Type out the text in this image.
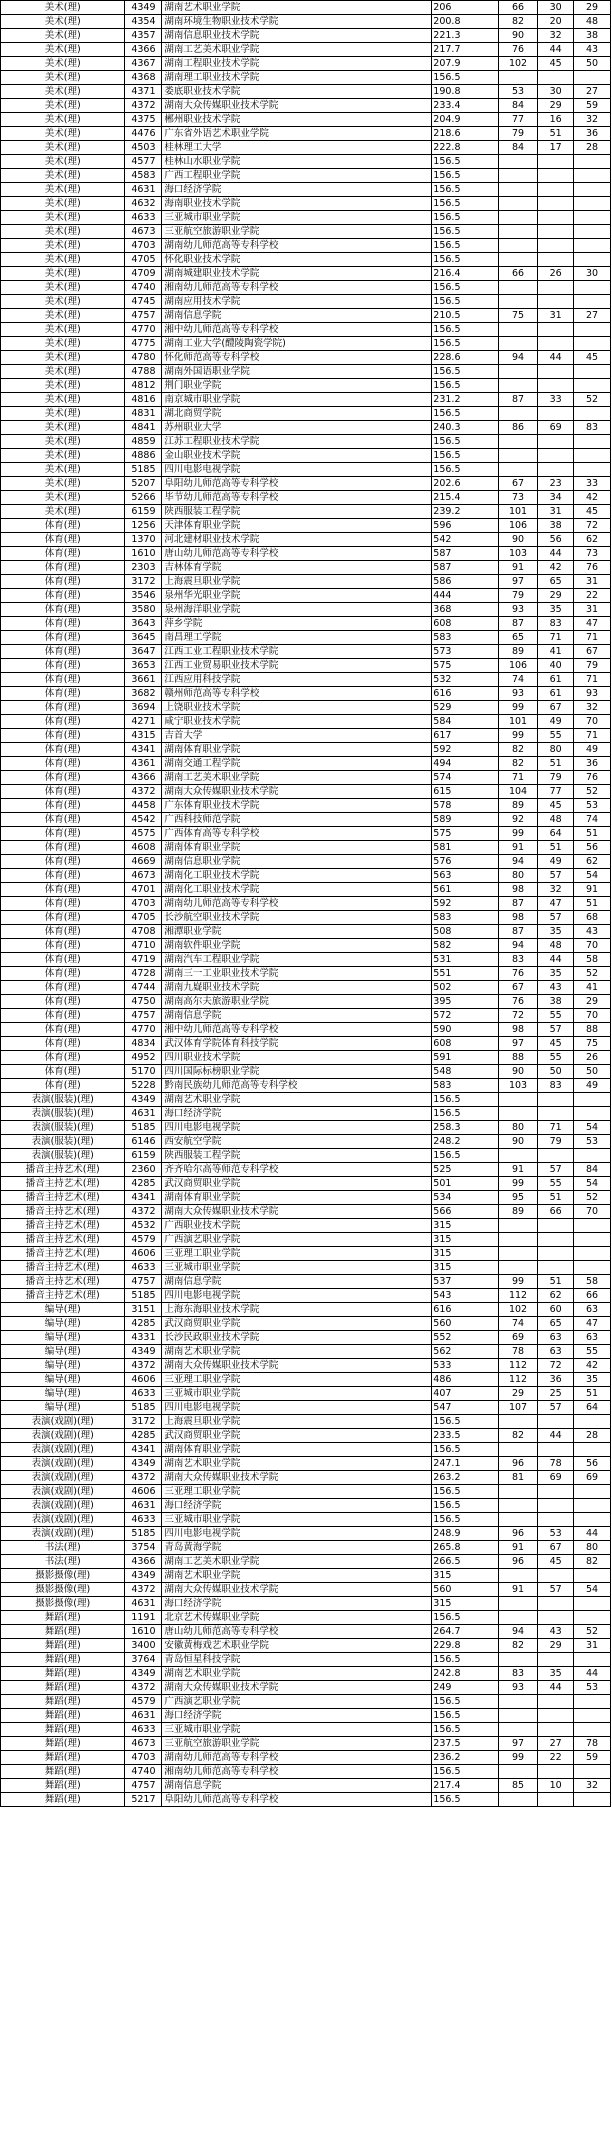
美术(理)	4349	湖南艺术职业学院	206	66	30	29
美术(理)	4354	湖南环境生物职业技术学院	200.8	82	20	48
美术(理)	4357	湖南信息职业技术学院	221.3	90	32	38
美术(理)	4366	湖南工艺美术职业学院	217.7	76	44	43
美术(理)	4367	湖南工程职业技术学院	207.9	102	45	50
美术(理)	4368	湖南理工职业技术学院	156.5			
美术(理)	4371	娄底职业技术学院	190.8	53	30	27
美术(理)	4372	湖南大众传媒职业技术学院	233.4	84	29	59
美术(理)	4375	郴州职业技术学院	204.9	77	16	32
美术(理)	4476	广东省外语艺术职业学院	218.6	79	51	36
美术(理)	4503	桂林理工大学	222.8	84	17	28
美术(理)	4577	桂林山水职业学院	156.5			
美术(理)	4583	广西工程职业学院	156.5			
美术(理)	4631	海口经济学院	156.5			
美术(理)	4632	海南职业技术学院	156.5			
美术(理)	4633	三亚城市职业学院	156.5			
美术(理)	4673	三亚航空旅游职业学院	156.5			
美术(理)	4703	湖南幼儿师范高等专科学校	156.5			
美术(理)	4705	怀化职业技术学院	156.5			
美术(理)	4709	湖南城建职业技术学院	216.4	66	26	30
美术(理)	4740	湘南幼儿师范高等专科学校	156.5			
美术(理)	4745	湖南应用技术学院	156.5			
美术(理)	4757	湖南信息学院	210.5	75	31	27
美术(理)	4770	湘中幼儿师范高等专科学校	156.5			
美术(理)	4775	湖南工业大学(醴陵陶瓷学院)	156.5			
美术(理)	4780	怀化师范高等专科学校	228.6	94	44	45
美术(理)	4788	湖南外国语职业学院	156.5			
美术(理)	4812	荆门职业学院	156.5			
美术(理)	4816	南京城市职业学院	231.2	87	33	52
美术(理)	4831	湖北商贸学院	156.5			
美术(理)	4841	苏州职业大学	240.3	86	69	83
美术(理)	4859	江苏工程职业技术学院	156.5			
美术(理)	4886	金山职业技术学院	156.5			
美术(理)	5185	四川电影电视学院	156.5			
美术(理)	5207	阜阳幼儿师范高等专科学校	202.6	67	23	33
美术(理)	5266	毕节幼儿师范高等专科学校	215.4	73	34	42
美术(理)	6159	陕西服装工程学院	239.2	101	31	45
体育(理)	1256	天津体育职业学院	596	106	38	72
体育(理)	1370	河北建材职业技术学院	542	90	56	62
体育(理)	1610	唐山幼儿师范高等专科学校	587	103	44	73
体育(理)	2303	吉林体育学院	587	91	42	76
体育(理)	3172	上海震旦职业学院	586	97	65	31
体育(理)	3546	泉州华光职业学院	444	79	29	22
体育(理)	3580	泉州海洋职业学院	368	93	35	31
体育(理)	3643	萍乡学院	608	87	83	47
体育(理)	3645	南昌理工学院	583	65	71	71
体育(理)	3647	江西工业工程职业技术学院	573	89	41	67
体育(理)	3653	江西工业贸易职业技术学院	575	106	40	79
体育(理)	3661	江西应用科技学院	532	74	61	71
体育(理)	3682	赣州师范高等专科学校	616	93	61	93
体育(理)	3694	上饶职业技术学院	529	99	67	32
体育(理)	4271	咸宁职业技术学院	584	101	49	70
体育(理)	4315	吉首大学	617	99	55	71
体育(理)	4341	湖南体育职业学院	592	82	80	49
体育(理)	4361	湖南交通工程学院	494	82	51	36
体育(理)	4366	湖南工艺美术职业学院	574	71	79	76
体育(理)	4372	湖南大众传媒职业技术学院	615	104	77	52
体育(理)	4458	广东体育职业技术学院	578	89	45	53
体育(理)	4542	广西科技师范学院	589	92	48	74
体育(理)	4575	广西体育高等专科学校	575	99	64	51
体育(理)	4608	湖南体育职业学院	581	91	51	56
体育(理)	4669	湖南信息职业学院	576	94	49	62
体育(理)	4673	湖南化工职业技术学院	563	80	57	54
体育(理)	4701	湖南化工职业技术学院	561	98	32	91
体育(理)	4703	湖南幼儿师范高等专科学校	592	87	47	51
体育(理)	4705	长沙航空职业技术学院	583	98	57	68
体育(理)	4708	湘潭职业学院	508	87	35	43
体育(理)	4710	湖南软件职业学院	582	94	48	70
体育(理)	4719	湖南汽车工程职业学院	531	83	44	58
体育(理)	4728	湖南三一工业职业技术学院	551	76	35	52
体育(理)	4744	湖南九嶷职业技术学院	502	67	43	41
体育(理)	4750	湖南高尔夫旅游职业学院	395	76	38	29
体育(理)	4757	湖南信息学院	572	72	55	70
体育(理)	4770	湘中幼儿师范高等专科学校	590	98	57	88
体育(理)	4834	武汉体育学院体育科技学院	608	97	45	75
体育(理)	4952	四川职业技术学院	591	88	55	26
体育(理)	5170	四川国际标榜职业学院	548	90	50	50
体育(理)	5228	黔南民族幼儿师范高等专科学校	583	103	83	49
表演(服装)(理)	4349	湖南艺术职业学院	156.5			
表演(服装)(理)	4631	海口经济学院	156.5			
表演(服装)(理)	5185	四川电影电视学院	258.3	80	71	54
表演(服装)(理)	6146	西安航空学院	248.2	90	79	53
表演(服装)(理)	6159	陕西服装工程学院	156.5			
播音主持艺术(理)	2360	齐齐哈尔高等师范专科学校	525	91	57	84
播音主持艺术(理)	4285	武汉商贸职业学院	501	99	55	54
播音主持艺术(理)	4341	湖南体育职业学院	534	95	51	52
播音主持艺术(理)	4372	湖南大众传媒职业技术学院	566	89	66	70
播音主持艺术(理)	4532	广西职业技术学院	315			
播音主持艺术(理)	4579	广西演艺职业学院	315			
播音主持艺术(理)	4606	三亚理工职业学院	315			
播音主持艺术(理)	4633	三亚城市职业学院	315			
播音主持艺术(理)	4757	湖南信息学院	537	99	51	58
播音主持艺术(理)	5185	四川电影电视学院	543	112	62	66
编导(理)	3151	上海东海职业技术学院	616	102	60	63
编导(理)	4285	武汉商贸职业学院	560	74	65	47
编导(理)	4331	长沙民政职业技术学院	552	69	63	63
编导(理)	4349	湖南艺术职业学院	562	78	63	55
编导(理)	4372	湖南大众传媒职业技术学院	533	112	72	42
编导(理)	4606	三亚理工职业学院	486	112	36	35
编导(理)	4633	三亚城市职业学院	407	29	25	51
编导(理)	5185	四川电影电视学院	547	107	57	64
表演(戏剧)(理)	3172	上海震旦职业学院	156.5			
表演(戏剧)(理)	4285	武汉商贸职业学院	233.5	82	44	28
表演(戏剧)(理)	4341	湖南体育职业学院	156.5			
表演(戏剧)(理)	4349	湖南艺术职业学院	247.1	96	78	56
表演(戏剧)(理)	4372	湖南大众传媒职业技术学院	263.2	81	69	69
表演(戏剧)(理)	4606	三亚理工职业学院	156.5			
表演(戏剧)(理)	4631	海口经济学院	156.5			
表演(戏剧)(理)	4633	三亚城市职业学院	156.5			
表演(戏剧)(理)	5185	四川电影电视学院	248.9	96	53	44
书法(理)	3754	青岛黄海学院	265.8	91	67	80
书法(理)	4366	湖南工艺美术职业学院	266.5	96	45	82
摄影摄像(理)	4349	湖南艺术职业学院	315			
摄影摄像(理)	4372	湖南大众传媒职业技术学院	560	91	57	54
摄影摄像(理)	4631	海口经济学院	315			
舞蹈(理)	1191	北京艺术传媒职业学院	156.5			
舞蹈(理)	1610	唐山幼儿师范高等专科学校	264.7	94	43	52
舞蹈(理)	3400	安徽黄梅戏艺术职业学院	229.8	82	29	31
舞蹈(理)	3764	青岛恒星科技学院	156.5			
舞蹈(理)	4349	湖南艺术职业学院	242.8	83	35	44
舞蹈(理)	4372	湖南大众传媒职业技术学院	249	93	44	53
舞蹈(理)	4579	广西演艺职业学院	156.5			
舞蹈(理)	4631	海口经济学院	156.5			
舞蹈(理)	4633	三亚城市职业学院	156.5			
舞蹈(理)	4673	三亚航空旅游职业学院	237.5	97	27	78
舞蹈(理)	4703	湖南幼儿师范高等专科学校	236.2	99	22	59
舞蹈(理)	4740	湘南幼儿师范高等专科学校	156.5			
舞蹈(理)	4757	湖南信息学院	217.4	85	10	32
舞蹈(理)	5217	阜阳幼儿师范高等专科学校	156.5			
